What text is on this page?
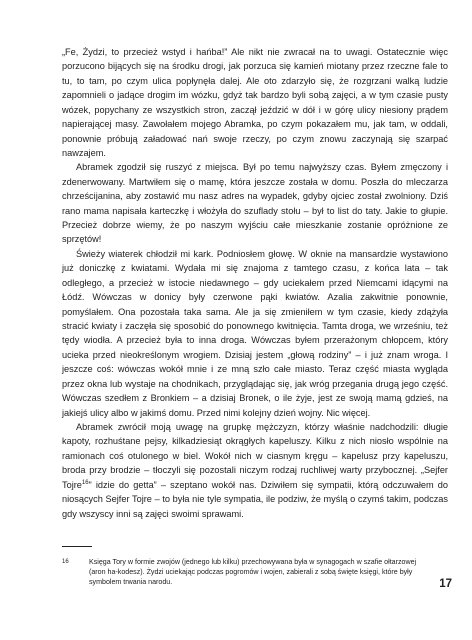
„Fe, Żydzi, to przecież wstyd i hańba!” Ale nikt nie zwracał na to uwagi. Ostatecznie więc porzucono bijących się na środku drogi, jak porzuca się kamień miotany przez rzeczne fale to tu, to tam, po czym ulica popłynęła dalej. Ale oto zdarzyło się, że rozgrzani walką ludzie zapomnieli o jadące drogim im wózku, gdyż tak bardzo byli sobą zajęci, a w tym czasie pusty wózek, popychany ze wszystkich stron, zaczął jeździć w dół i w górę ulicy niesiony prądem napierającej masy. Zawołałem mojego Abramka, po czym pokazałem mu, jak tam, w oddali, ponownie próbują załadować nań swoje rzeczy, po czym znowu zaczynają się szarpać nawzajem.

Abramek zgodził się ruszyć z miejsca. Był po temu najwyższy czas. Byłem zmęczony i zdenerwowany. Martwiłem się o mamę, która jeszcze została w domu. Poszła do mleczarza chrześcijanina, aby zostawić mu nasz adres na wypadek, gdyby ojciec został zwolniony. Dziś rano mama napisała karteczkę i włożyła do szuflady stołu – był to list do taty. Jakie to głupie. Przecież dobrze wiemy, że po naszym wyjściu całe mieszkanie zostanie opróżnione ze sprzętów!

Świeży wiaterek chłodził mi kark. Podniosłem głowę. W oknie na mansardzie wystawiono już doniczkę z kwiatami. Wydała mi się znajoma z tamtego czasu, z końca lata – tak odległego, a przecież w istocie niedawnego – gdy uciekałem przed Niemcami idącymi na Łódź. Wówczas w donicy były czerwone pąki kwiatów. Azalia zakwitnie ponownie, pomyślałem. Ona pozostała taka sama. Ale ja się zmieniłem w tym czasie, kiedy zdążyła stracić kwiaty i zaczęła się sposobić do ponownego kwitnięcia. Tamta droga, we wrześniu, też tędy wiodła. A przecież była to inna droga. Wówczas byłem przerażonym chłopcem, który ucieka przed nieokreślonym wrogiem. Dzisiaj jestem „głową rodziny” – i już znam wroga. I jeszcze coś: wówczas wokół mnie i ze mną szło całe miasto. Teraz część miasta wygląda przez okna lub wystaje na chodnikach, przyglądając się, jak wróg przegania drugą jego część. Wówczas szedłem z Bronkiem – a dzisiaj Bronek, o ile żyje, jest ze swoją mamą gdzieś, na jakiejś ulicy albo w jakimś domu. Przed nimi kolejny dzień wojny. Nic więcej.

Abramek zwrócił moją uwagę na grupkę mężczyzn, którzy właśnie nadchodzili: długie kapoty, rozhuśtane pejsy, kilkadziesiąt okrągłych kapeluszy. Kilku z nich niosło wspólnie na ramionach coś otulonego w biel. Wokół nich w ciasnym kręgu – kapelusz przy kapeluszu, broda przy brodzie – tłoczyli się pozostali niczym rodzaj ruchliwej warty przybocznej. „Sejfer Tojre$^{16}$” idzie do getta” – szeptano wokół nas. Dziwiłem się sympatii, którą odczuwałem do niosących Sejfer Tojre – to była nie tyle sympatia, ile podziw, że myślą o czymś takim, podczas gdy wszyscy inni są zajęci swoimi sprawami.

16	Księga Tory w formie zwojów (jednego lub kilku) przechowywana była w synagogach w szafie ołtarzowej (aron ha-kodesz). Żydzi uciekając podczas pogromów i wojen, zabierali z sobą święte księgi, które były symbolem trwania narodu.	17
